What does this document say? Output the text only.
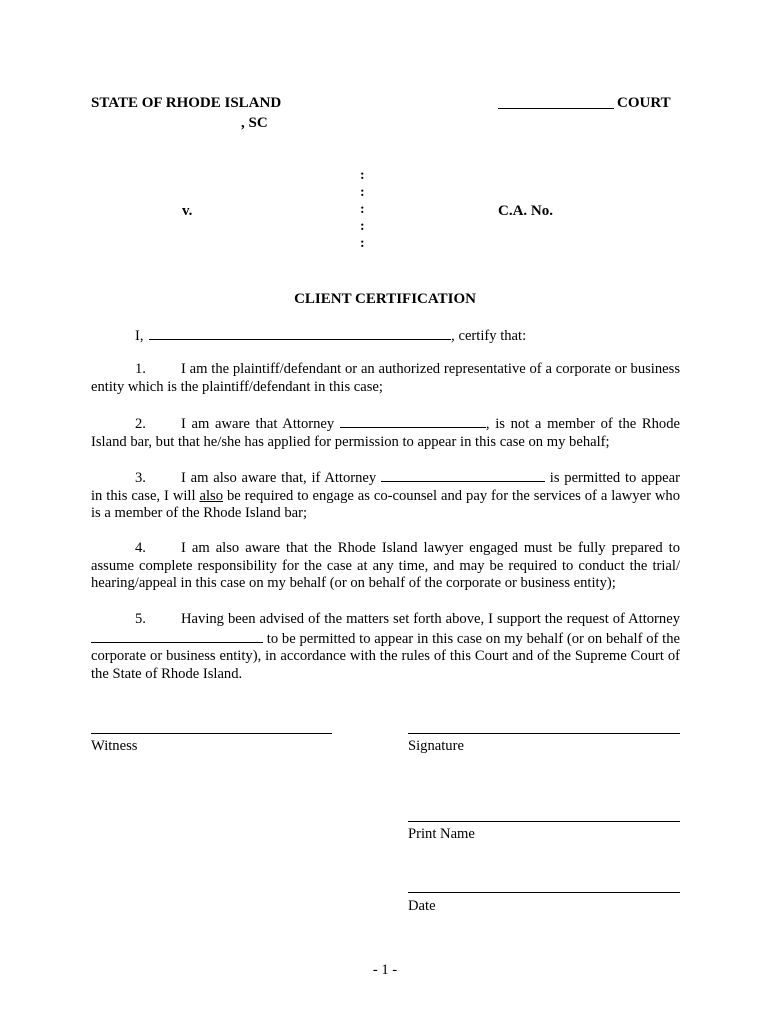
STATE OF RHODE ISLAND
, SC
COURT
:
:
:
:
:
v.	C.A. No.
CLIENT CERTIFICATION
I,	, certify that:
1. I am the plaintiff/defendant or an authorized representative of a corporate or business entity which is the plaintiff/defendant in this case;
2. I am aware that Attorney	, is not a member of the Rhode Island bar, but that he/she has applied for permission to appear in this case on my behalf;
3. I am also aware that, if Attorney	is permitted to appear in this case, I will also be required to engage as co-counsel and pay for the services of a lawyer who is a member of the Rhode Island bar;
4. I am also aware that the Rhode Island lawyer engaged must be fully prepared to assume complete responsibility for the case at any time, and may be required to conduct the trial/ hearing/appeal in this case on my behalf (or on behalf of the corporate or business entity);
5. Having been advised of the matters set forth above, I support the request of Attorney  to be permitted to appear in this case on my behalf (or on behalf of the corporate or business entity), in accordance with the rules of this Court and of the Supreme Court of the State of Rhode Island.
Witness	Signature
Print Name
Date
- 1 -
